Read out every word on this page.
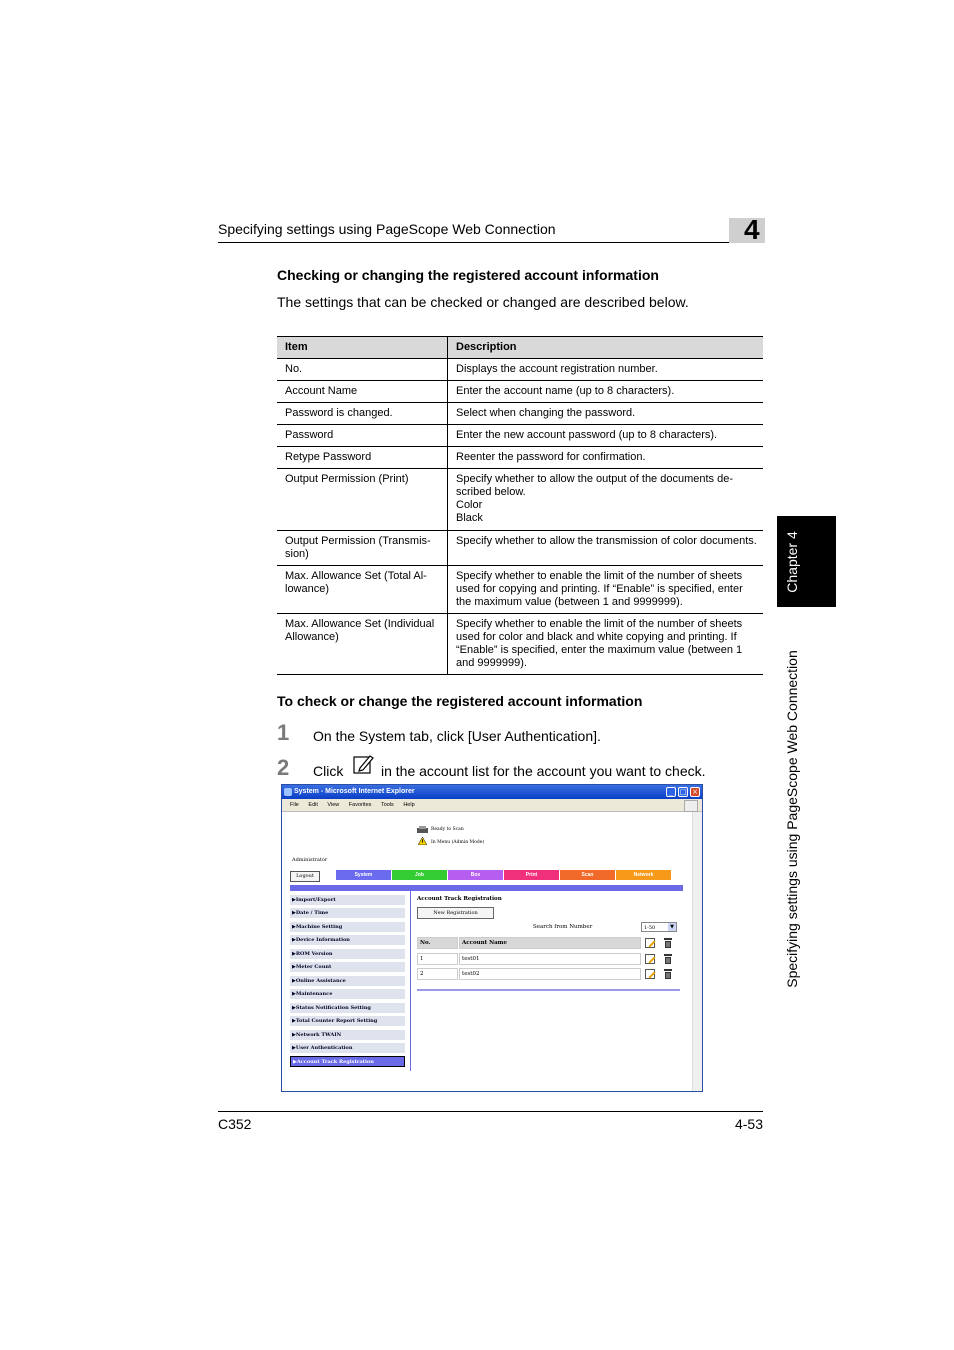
Specifying settings using PageScope Web Connection	4
Chapter 4
Specifying settings using PageScope Web Connection
Checking or changing the registered account information
The settings that can be checked or changed are described below.
Item	Description
No.	Displays the account registration number.
Account Name	Enter the account name (up to 8 characters).
Password is changed.	Select when changing the password.
Password	Enter the new account password (up to 8 characters).
Retype Password	Reenter the password for confirmation.
Output Permission (Print)	Specify whether to allow the output of the documents de-
scribed below.
Color
Black

Output Permission (Transmis-
sion)	Specify whether to allow the transmission of color documents.

Max. Allowance Set (Total Al-
lowance)	Specify whether to enable the limit of the number of sheets
used for copying and printing. If “Enable” is specified, enter
the maximum value (between 1 and 9999999).

Max. Allowance Set (Individual
Allowance)	Specify whether to enable the limit of the number of sheets
used for color and black and white copying and printing. If
“Enable” is specified, enter the maximum value (between 1
and 9999999).
To check or change the registered account information
1 On the System tab, click [User Authentication].
2 Click	in the account list for the account you want to check.
System - Microsoft Internet Explorer	_ □ ×
File Edit View Favorites Tools Help
Ready to Scan
In Menu (Admin Mode)
Administrator
Logout	System	Job	Box	Print	Scan	Network
▶Import/Export
▶Date / Time
▶Machine Setting
▶Device Information
▶ROM Version
▶Meter Count
▶Online Assistance
▶Maintenance
▶Status Notification Setting
▶Total Counter Report Setting
▶Network TWAIN
▶User Authentication
▶Account Track Registration
Account Track Registration
New Registration
Search from Number	1-50	▼
No.	Account Name
1	test01
2	test02
C352	4-53
